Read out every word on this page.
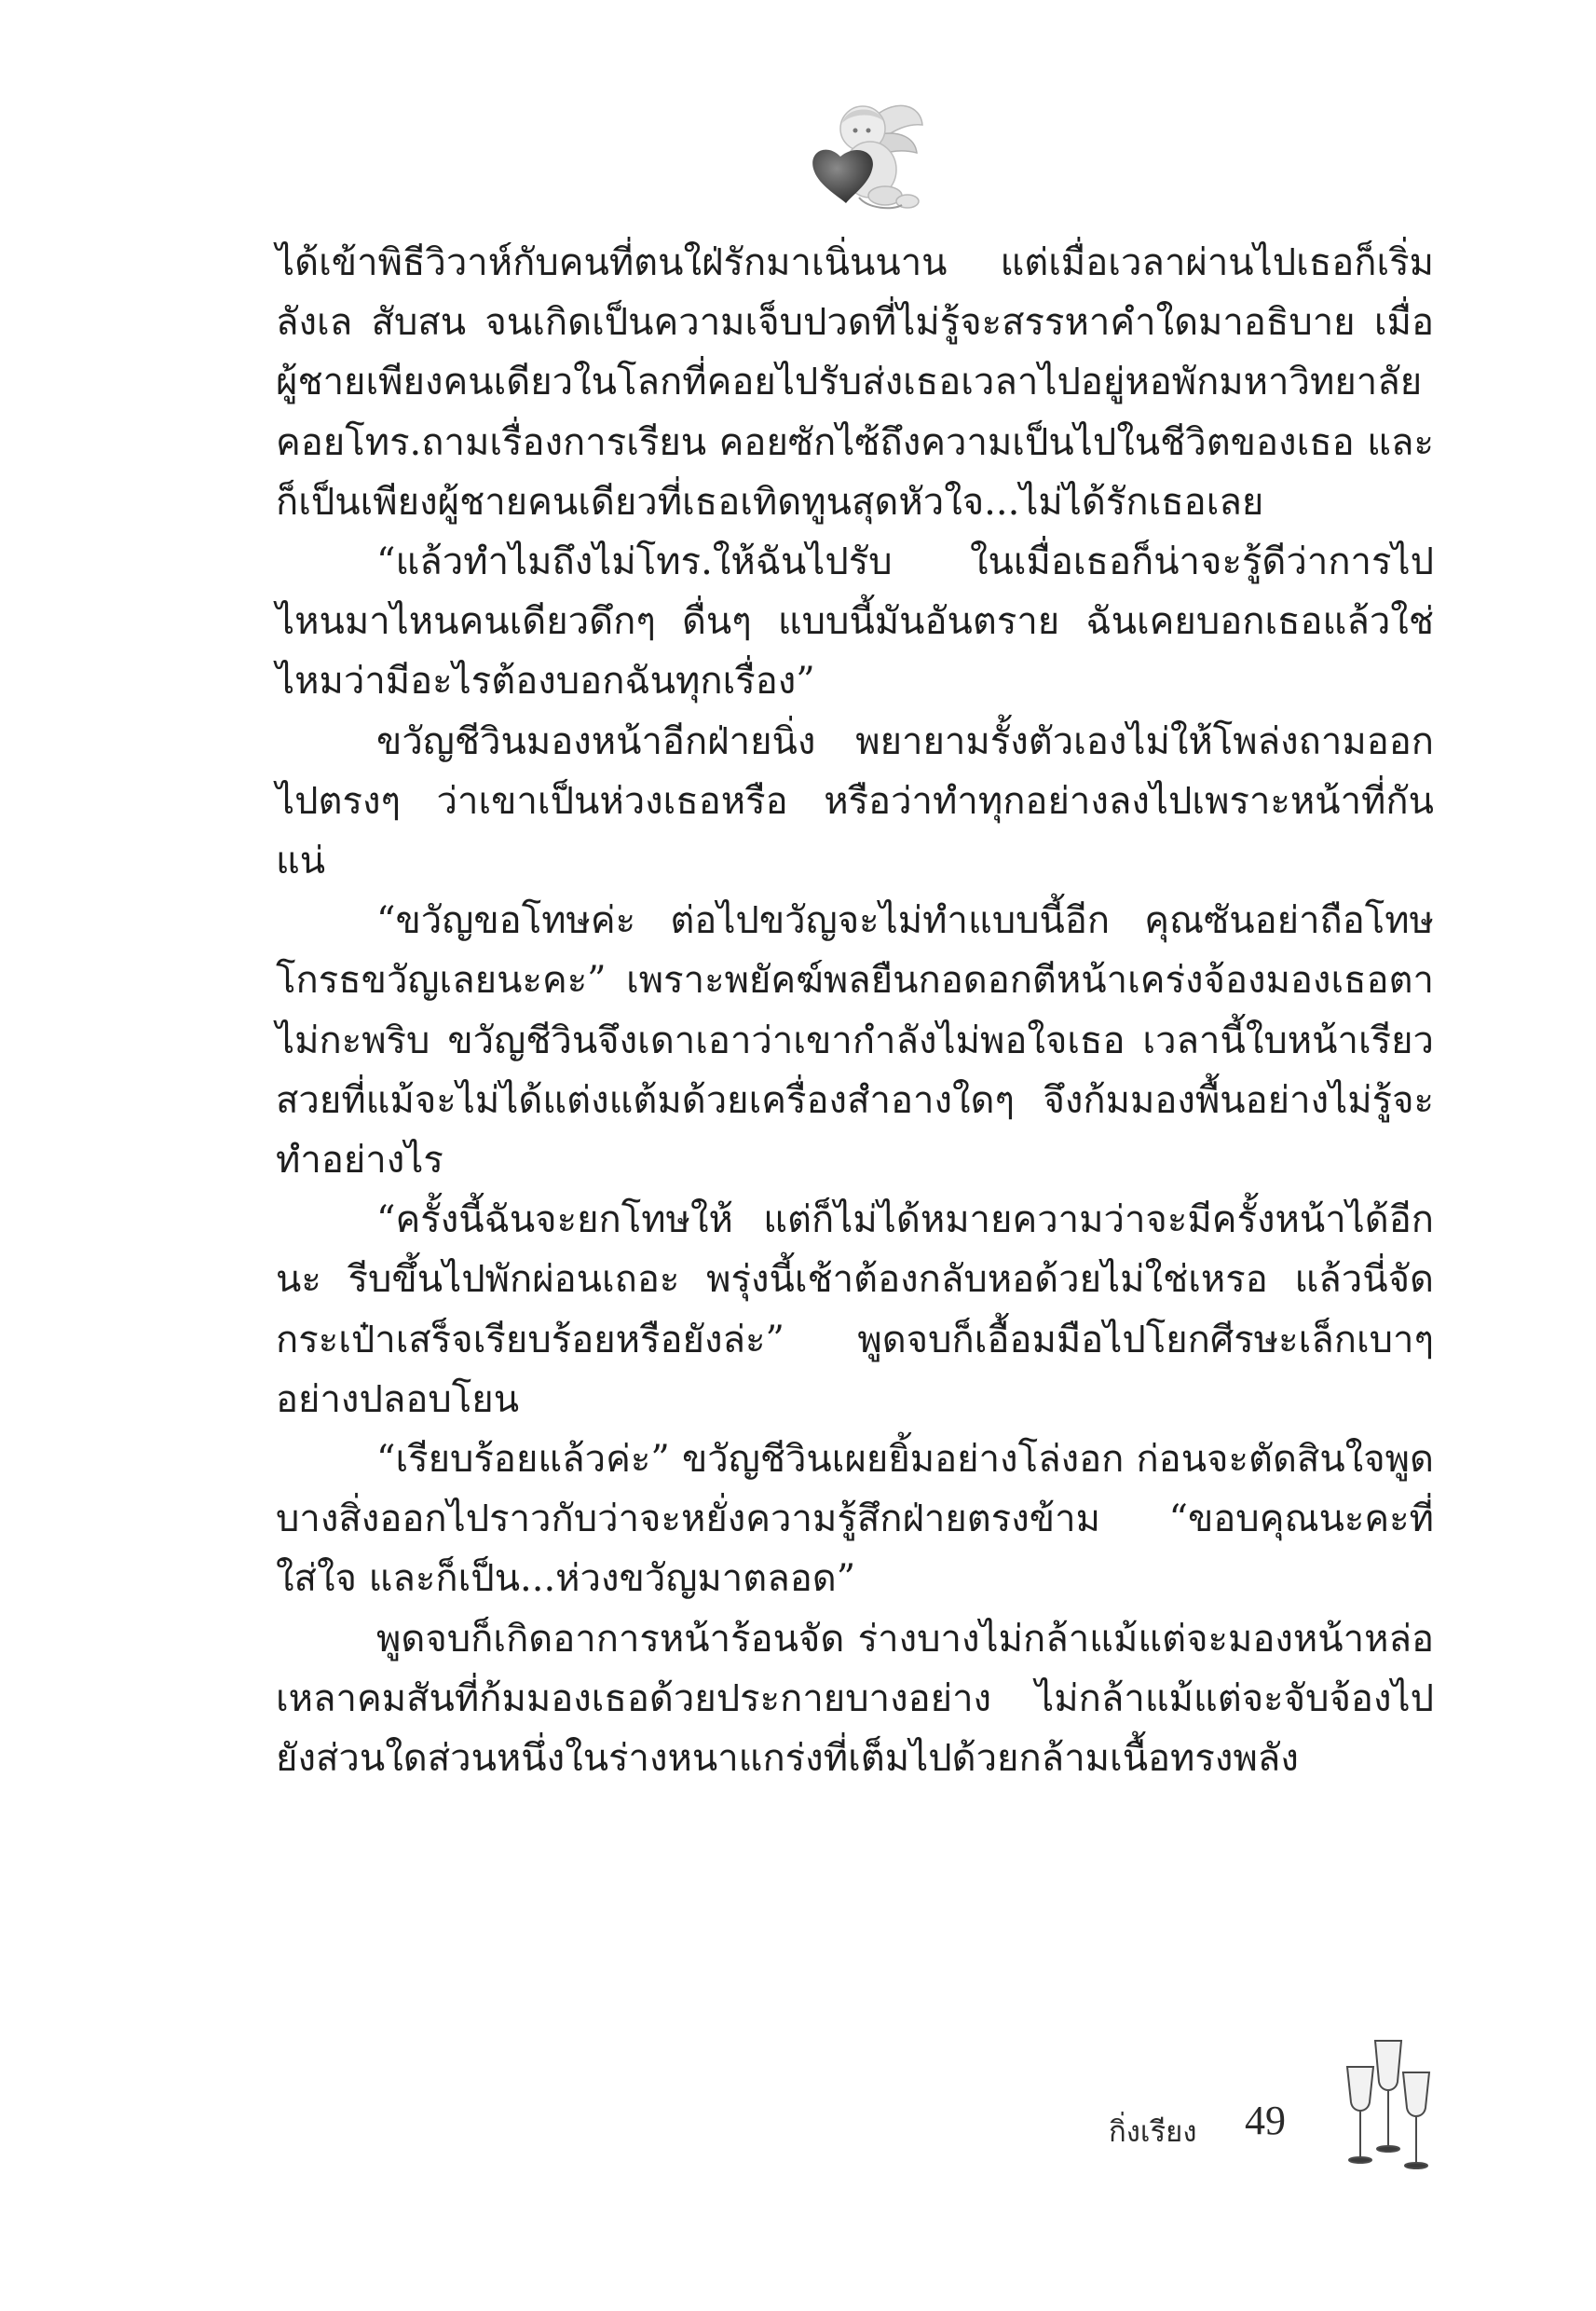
ได้เข้าพิธีวิวาห์กับคนที่ตนใฝ่รักมาเนิ่นนาน แต่เมื่อเวลาผ่านไปเธอก็เริ่มลังเล สับสน จนเกิดเป็นความเจ็บปวดที่ไม่รู้จะสรรหาคำใดมาอธิบาย เมื่อผู้ชายเพียงคนเดียวในโลกที่คอยไปรับส่งเธอเวลาไปอยู่หอพักมหาวิทยาลัย คอยโทร.ถามเรื่องการเรียน คอยซักไซ้ถึงความเป็นไปในชีวิตของเธอ และก็เป็นเพียงผู้ชายคนเดียวที่เธอเทิดทูนสุดหัวใจ...ไม่ได้รักเธอเลย

“แล้วทำไมถึงไม่โทร.ให้ฉันไปรับ ในเมื่อเธอก็น่าจะรู้ดีว่าการไปไหนมาไหนคนเดียวดึกๆ ดื่นๆ แบบนี้มันอันตราย ฉันเคยบอกเธอแล้วใช่ไหมว่ามีอะไรต้องบอกฉันทุกเรื่อง”

ขวัญชีวินมองหน้าอีกฝ่ายนิ่ง พยายามรั้งตัวเองไม่ให้โพล่งถามออกไปตรงๆ ว่าเขาเป็นห่วงเธอหรือ หรือว่าทำทุกอย่างลงไปเพราะหน้าที่กันแน่

“ขวัญขอโทษค่ะ ต่อไปขวัญจะไม่ทำแบบนี้อีก คุณซันอย่าถือโทษโกรธขวัญเลยนะคะ” เพราะพยัคฆ์พลยืนกอดอกตีหน้าเคร่งจ้องมองเธอตาไม่กะพริบ ขวัญชีวินจึงเดาเอาว่าเขากำลังไม่พอใจเธอ เวลานี้ใบหน้าเรียวสวยที่แม้จะไม่ได้แต่งแต้มด้วยเครื่องสำอางใดๆ จึงก้มมองพื้นอย่างไม่รู้จะทำอย่างไร

“ครั้งนี้ฉันจะยกโทษให้ แต่ก็ไม่ได้หมายความว่าจะมีครั้งหน้าได้อีกนะ รีบขึ้นไปพักผ่อนเถอะ พรุ่งนี้เช้าต้องกลับหอด้วยไม่ใช่เหรอ แล้วนี่จัดกระเป๋าเสร็จเรียบร้อยหรือยังล่ะ” พูดจบก็เอื้อมมือไปโยกศีรษะเล็กเบาๆ อย่างปลอบโยน

“เรียบร้อยแล้วค่ะ” ขวัญชีวินเผยยิ้มอย่างโล่งอก ก่อนจะตัดสินใจพูดบางสิ่งออกไปราวกับว่าจะหยั่งความรู้สึกฝ่ายตรงข้าม “ขอบคุณนะคะที่ใส่ใจ และก็เป็น...ห่วงขวัญมาตลอด”

พูดจบก็เกิดอาการหน้าร้อนจัด ร่างบางไม่กล้าแม้แต่จะมองหน้าหล่อเหลาคมสันที่ก้มมองเธอด้วยประกายบางอย่าง ไม่กล้าแม้แต่จะจับจ้องไปยังส่วนใดส่วนหนึ่งในร่างหนาแกร่งที่เต็มไปด้วยกล้ามเนื้อทรงพลัง

กิ่งเรียง 49
